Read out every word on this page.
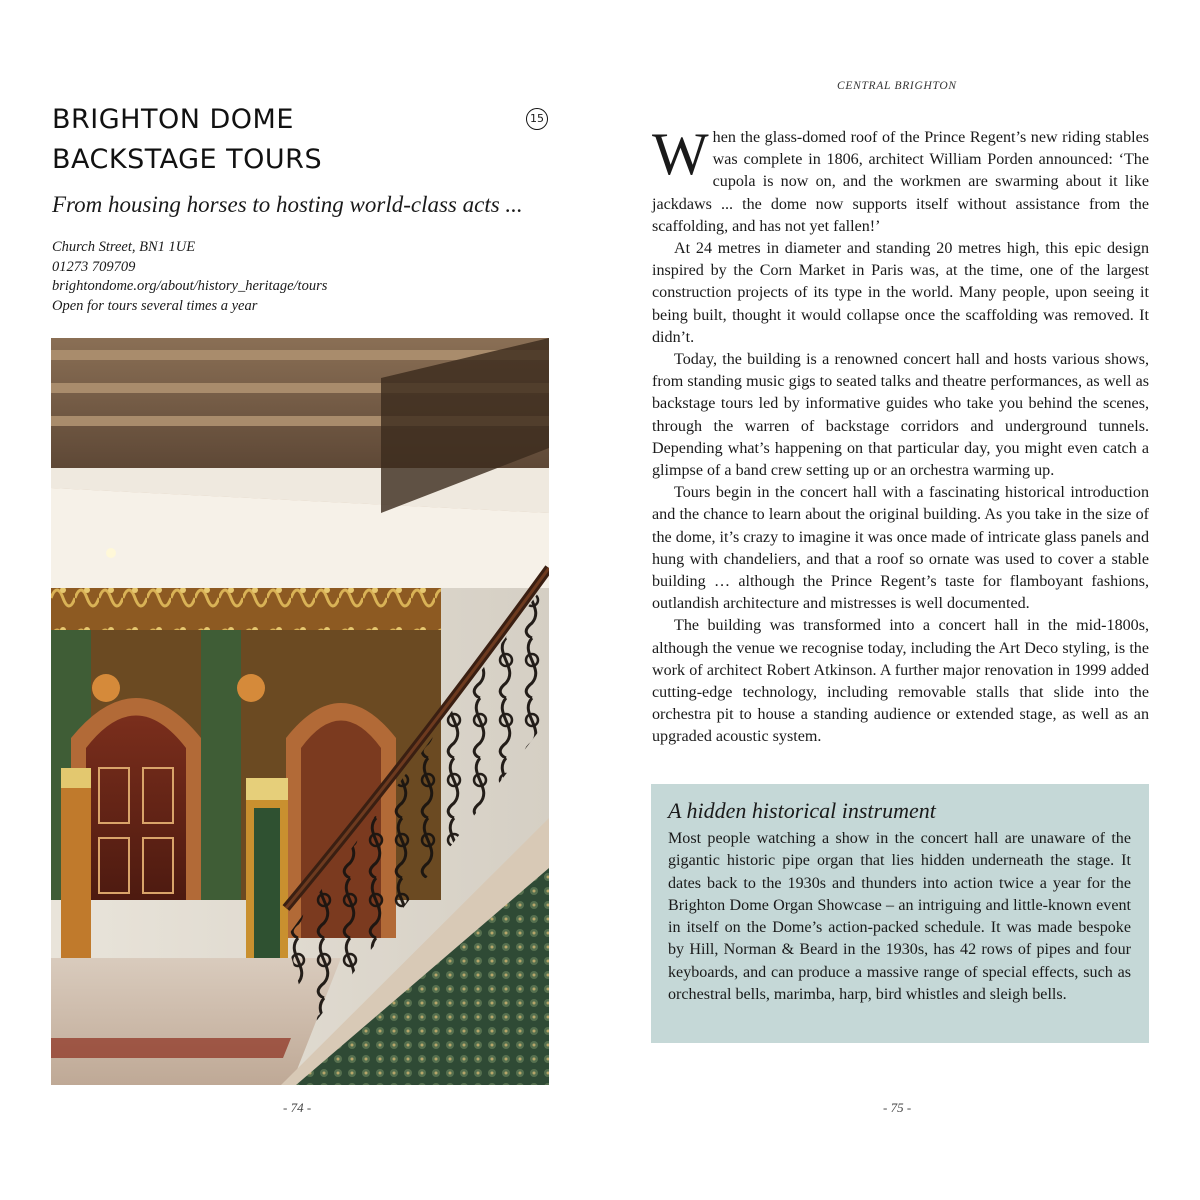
BRIGHTON DOME
BACKSTAGE TOURS
15
From housing horses to hosting world-class acts ...
Church Street, BN1 1UE
01273 709709
brightondome.org/about/history_heritage/tours
Open for tours several times a year
- 74 -
CENTRAL BRIGHTON

When the glass-domed roof of the Prince Regent’s new riding stables was complete in 1806, architect William Porden announced: ‘The cupola is now on, and the workmen are swarming about it like jackdaws ... the dome now supports itself without assistance from the scaffolding, and has not yet fallen!’

At 24 metres in diameter and standing 20 metres high, this epic design inspired by the Corn Market in Paris was, at the time, one of the largest construction projects of its type in the world. Many people, upon seeing it being built, thought it would collapse once the scaffolding was removed. It didn’t.

Today, the building is a renowned concert hall and hosts various shows, from standing music gigs to seated talks and theatre performances, as well as backstage tours led by informative guides who take you behind the scenes, through the warren of backstage corridors and underground tunnels. Depending what’s happening on that particular day, you might even catch a glimpse of a band crew setting up or an orchestra warming up.

Tours begin in the concert hall with a fascinating historical introduction and the chance to learn about the original building. As you take in the size of the dome, it’s crazy to imagine it was once made of intricate glass panels and hung with chandeliers, and that a roof so ornate was used to cover a stable building … although the Prince Regent’s taste for flamboyant fashions, outlandish architecture and mistresses is well documented.

The building was transformed into a concert hall in the mid-1800s, although the venue we recognise today, including the Art Deco styling, is the work of architect Robert Atkinson. A further major renovation in 1999 added cutting-edge technology, including removable stalls that slide into the orchestra pit to house a standing audience or extended stage, as well as an upgraded acoustic system.

A hidden historical instrument

Most people watching a show in the concert hall are unaware of the gigantic historic pipe organ that lies hidden underneath the stage. It dates back to the 1930s and thunders into action twice a year for the Brighton Dome Organ Showcase – an intriguing and little-known event in itself on the Dome’s action-packed schedule. It was made bespoke by Hill, Norman & Beard in the 1930s, has 42 rows of pipes and four keyboards, and can produce a massive range of special effects, such as orchestral bells, marimba, harp, bird whistles and sleigh bells.

- 75 -
